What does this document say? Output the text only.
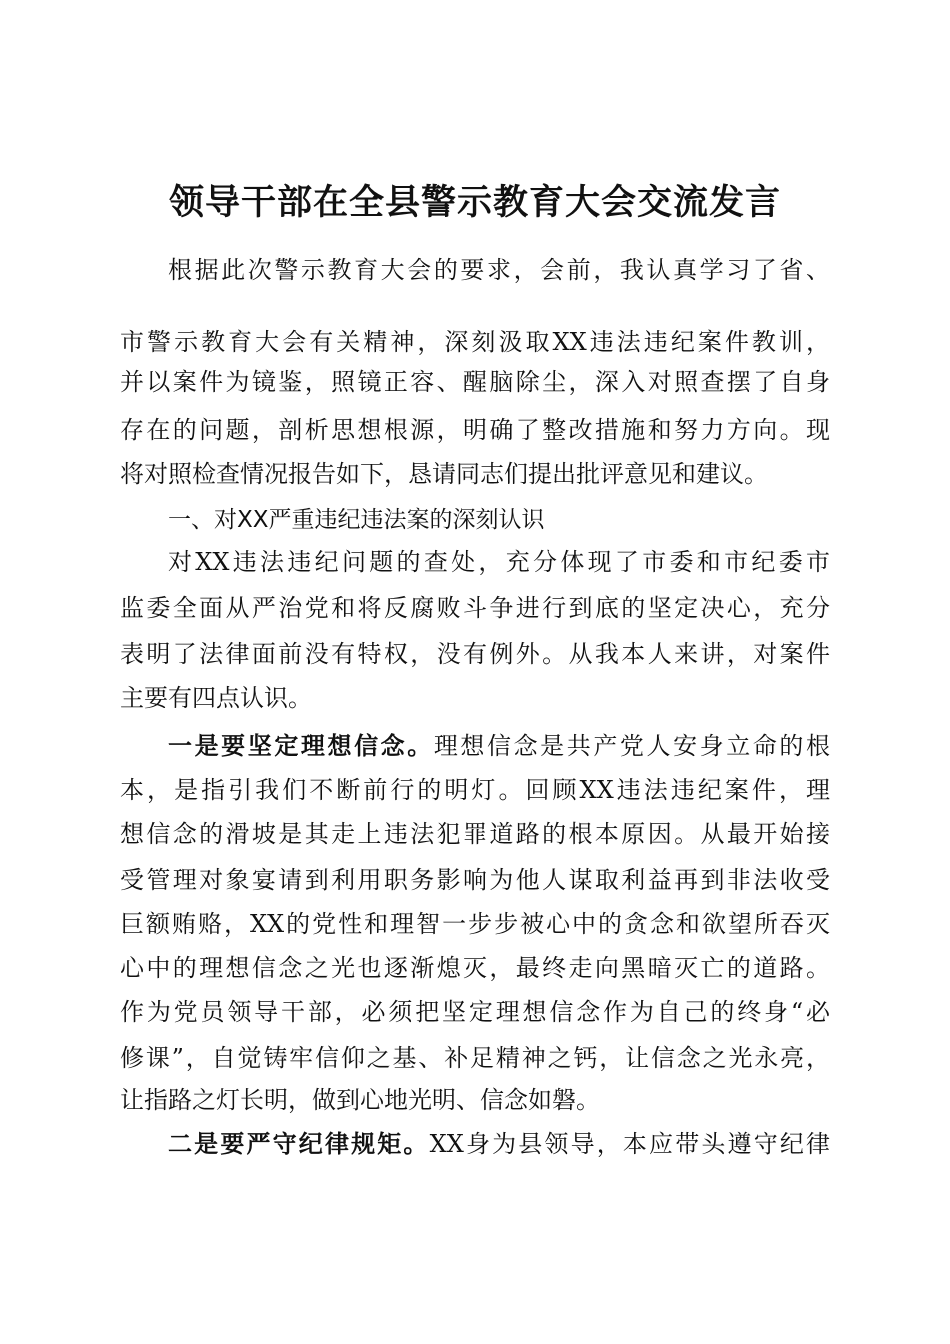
领导干部在全县警示教育大会交流发言
根据此次警示教育大会的要求，会前，我认真学习了省、
市警示教育大会有关精神，深刻汲取XX违法违纪案件教训，
并以案件为镜鉴，照镜正容、醒脑除尘，深入对照查摆了自身
存在的问题，剖析思想根源，明确了整改措施和努力方向。现
将对照检查情况报告如下，恳请同志们提出批评意见和建议。
一、对XX严重违纪违法案的深刻认识
对XX违法违纪问题的查处，充分体现了市委和市纪委市
监委全面从严治党和将反腐败斗争进行到底的坚定决心，充分
表明了法律面前没有特权，没有例外。从我本人来讲，对案件
主要有四点认识。
一是要坚定理想信念。理想信念是共产党人安身立命的根
本，是指引我们不断前行的明灯。回顾XX违法违纪案件，理
想信念的滑坡是其走上违法犯罪道路的根本原因。从最开始接
受管理对象宴请到利用职务影响为他人谋取利益再到非法收受
巨额贿赂，XX的党性和理智一步步被心中的贪念和欲望所吞灭
心中的理想信念之光也逐渐熄灭，最终走向黑暗灭亡的道路。
作为党员领导干部，必须把坚定理想信念作为自己的终身“必
修课”，自觉铸牢信仰之基、补足精神之钙，让信念之光永亮，
让指路之灯长明，做到心地光明、信念如磐。
二是要严守纪律规矩。XX身为县领导，本应带头遵守纪律
